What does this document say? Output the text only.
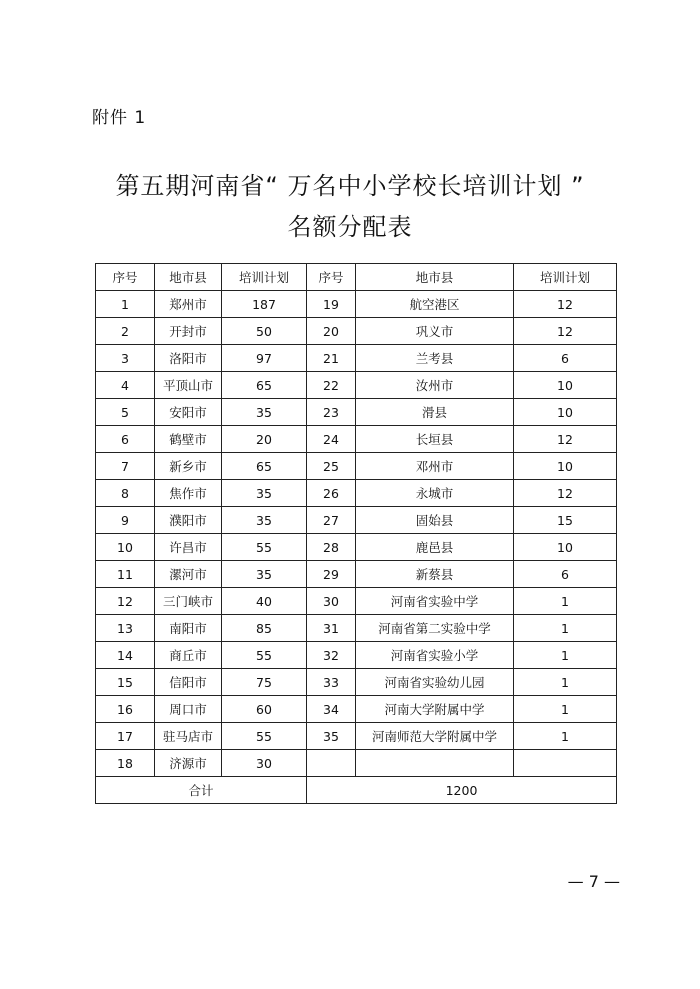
附件 1
第五期河南省“ 万名中小学校长培训计划 ”
名额分配表
序号	地市县	培训计划	序号	地市县	培训计划
1	郑州市	187	19	航空港区	12
2	开封市	50	20	巩义市	12
3	洛阳市	97	21	兰考县	6
4	平顶山市	65	22	汝州市	10
5	安阳市	35	23	滑县	10
6	鹤壁市	20	24	长垣县	12
7	新乡市	65	25	邓州市	10
8	焦作市	35	26	永城市	12
9	濮阳市	35	27	固始县	15
10	许昌市	55	28	鹿邑县	10
11	漯河市	35	29	新蔡县	6
12	三门峡市	40	30	河南省实验中学	1
13	南阳市	85	31	河南省第二实验中学	1
14	商丘市	55	32	河南省实验小学	1
15	信阳市	75	33	河南省实验幼儿园	1
16	周口市	60	34	河南大学附属中学	1
17	驻马店市	55	35	河南师范大学附属中学	1
18	济源市	30			
合计			1200		
— 7 —
